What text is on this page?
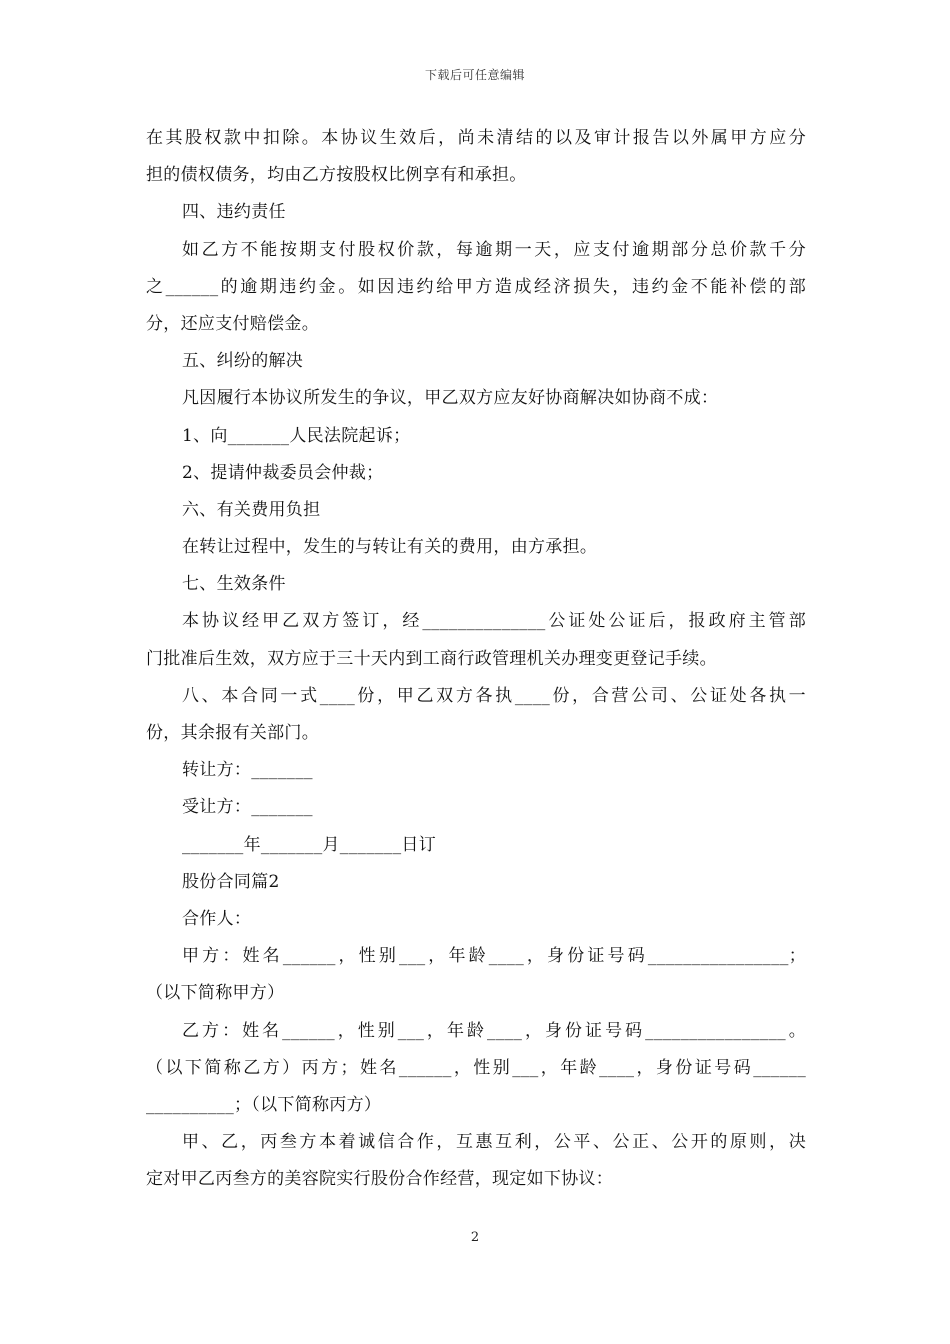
下载后可任意编辑
在其股权款中扣除。本协议生效后，尚未清结的以及审计报告以外属甲方应分
担的债权债务，均由乙方按股权比例享有和承担。
四、违约责任
如乙方不能按期支付股权价款，每逾期一天，应支付逾期部分总价款千分
之______的逾期违约金。如因违约给甲方造成经济损失，违约金不能补偿的部
分，还应支付赔偿金。
五、纠纷的解决
凡因履行本协议所发生的争议，甲乙双方应友好协商解决如协商不成：
1、向_______人民法院起诉；
2、提请仲裁委员会仲裁；
六、有关费用负担
在转让过程中，发生的与转让有关的费用，由方承担。
七、生效条件
本协议经甲乙双方签订，经______________公证处公证后，报政府主管部
门批准后生效，双方应于三十天内到工商行政管理机关办理变更登记手续。
八、本合同一式____份，甲乙双方各执____份，合营公司、公证处各执一
份，其余报有关部门。
转让方：_______
受让方：_______
_______年_______月_______日订
股份合同篇2
合作人：
甲方：姓名______，性别___，年龄____，身份证号码________________；
（以下简称甲方）
乙方：姓名______，性别___，年龄____，身份证号码________________。
（以下简称乙方）丙方；姓名______，性别___，年龄____，身份证号码______
__________；（以下简称丙方）
甲、乙，丙叁方本着诚信合作，互惠互利，公平、公正、公开的原则，决
定对甲乙丙叁方的美容院实行股份合作经营，现定如下协议：
2
